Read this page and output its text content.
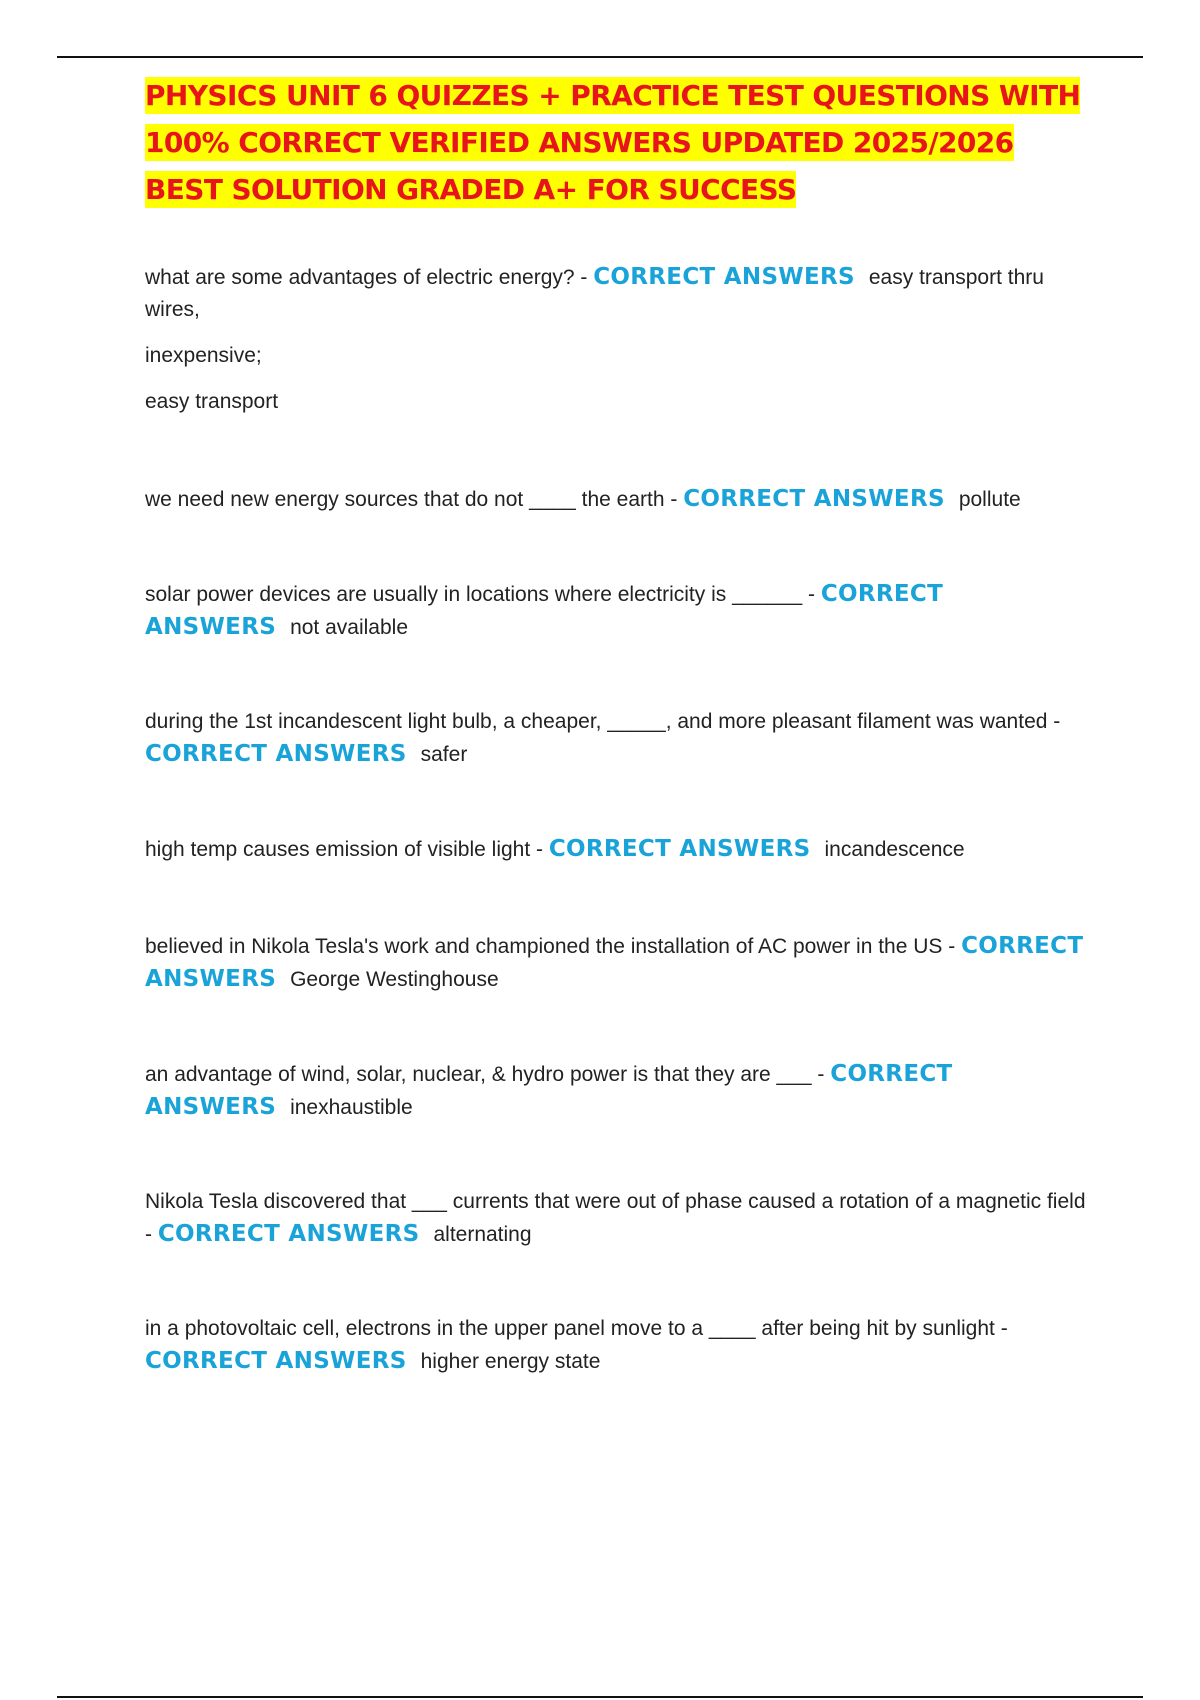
PHYSICS UNIT 6 QUIZZES + PRACTICE TEST QUESTIONS WITH 100% CORRECT VERIFIED ANSWERS UPDATED 2025/2026 BEST SOLUTION GRADED A+ FOR SUCCESS

what are some advantages of electric energy? - CORRECT ANSWERS easy transport thru wires,

inexpensive;

easy transport

we need new energy sources that do not ____ the earth - CORRECT ANSWERS pollute

solar power devices are usually in locations where electricity is ______ - CORRECT ANSWERS not available

during the 1st incandescent light bulb, a cheaper, _____, and more pleasant filament was wanted - CORRECT ANSWERS safer

high temp causes emission of visible light - CORRECT ANSWERS incandescence

believed in Nikola Tesla's work and championed the installation of AC power in the US - CORRECT ANSWERS George Westinghouse

an advantage of wind, solar, nuclear, & hydro power is that they are ___ - CORRECT ANSWERS inexhaustible

Nikola Tesla discovered that ___ currents that were out of phase caused a rotation of a magnetic field - CORRECT ANSWERS alternating

in a photovoltaic cell, electrons in the upper panel move to a ____ after being hit by sunlight - CORRECT ANSWERS higher energy state
